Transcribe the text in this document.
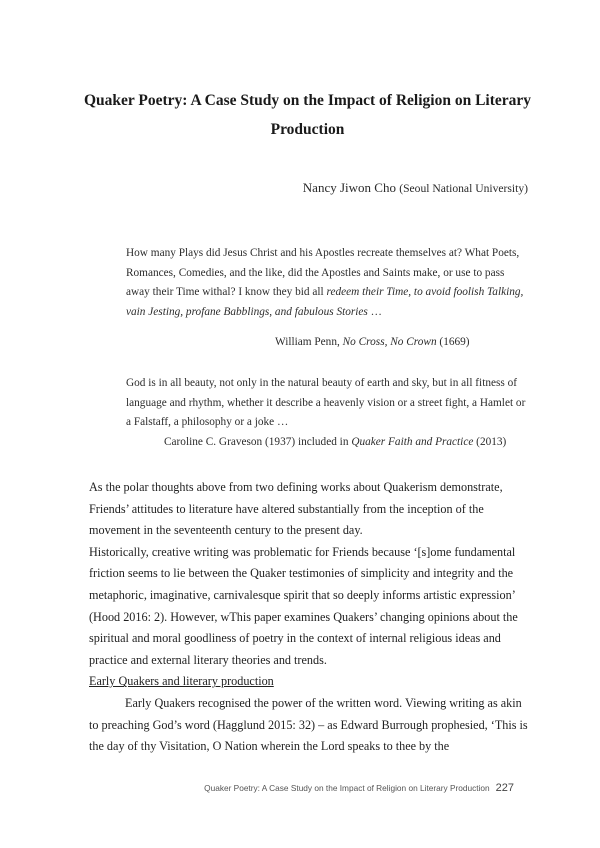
Quaker Poetry: A Case Study on the Impact of Religion on Literary
Production
Nancy Jiwon Cho (Seoul National University)
How many Plays did Jesus Christ and his Apostles recreate themselves at? What Poets, Romances, Comedies, and the like, did the Apostles and Saints make, or use to pass away their Time withal? I know they bid all redeem their Time, to avoid foolish Talking, vain Jesting, profane Babblings, and fabulous Stories …
William Penn, No Cross, No Crown (1669)
God is in all beauty, not only in the natural beauty of earth and sky, but in all fitness of language and rhythm, whether it describe a heavenly vision or a street fight, a Hamlet or a Falstaff, a philosophy or a joke …
Caroline C. Graveson (1937) included in Quaker Faith and Practice (2013)

As the polar thoughts above from two defining works about Quakerism demonstrate, Friends’ attitudes to literature have altered substantially from the inception of the movement in the seventeenth century to the present day.

Historically, creative writing was problematic for Friends because ‘[s]ome fundamental friction seems to lie between the Quaker testimonies of simplicity and integrity and the metaphoric, imaginative, carnivalesque spirit that so deeply informs artistic expression’ (Hood 2016: 2). However, wThis paper examines Quakers’ changing opinions about the spiritual and moral goodliness of poetry in the context of internal religious ideas and practice and external literary theories and trends.

Early Quakers and literary production

Early Quakers recognised the power of the written word. Viewing writing as akin to preaching God’s word (Hagglund 2015: 32) – as Edward Burrough prophesied, ‘This is the day of thy Visitation, O Nation wherein the Lord speaks to thee by the

Quaker Poetry: A Case Study on the Impact of Religion on Literary Production 227
